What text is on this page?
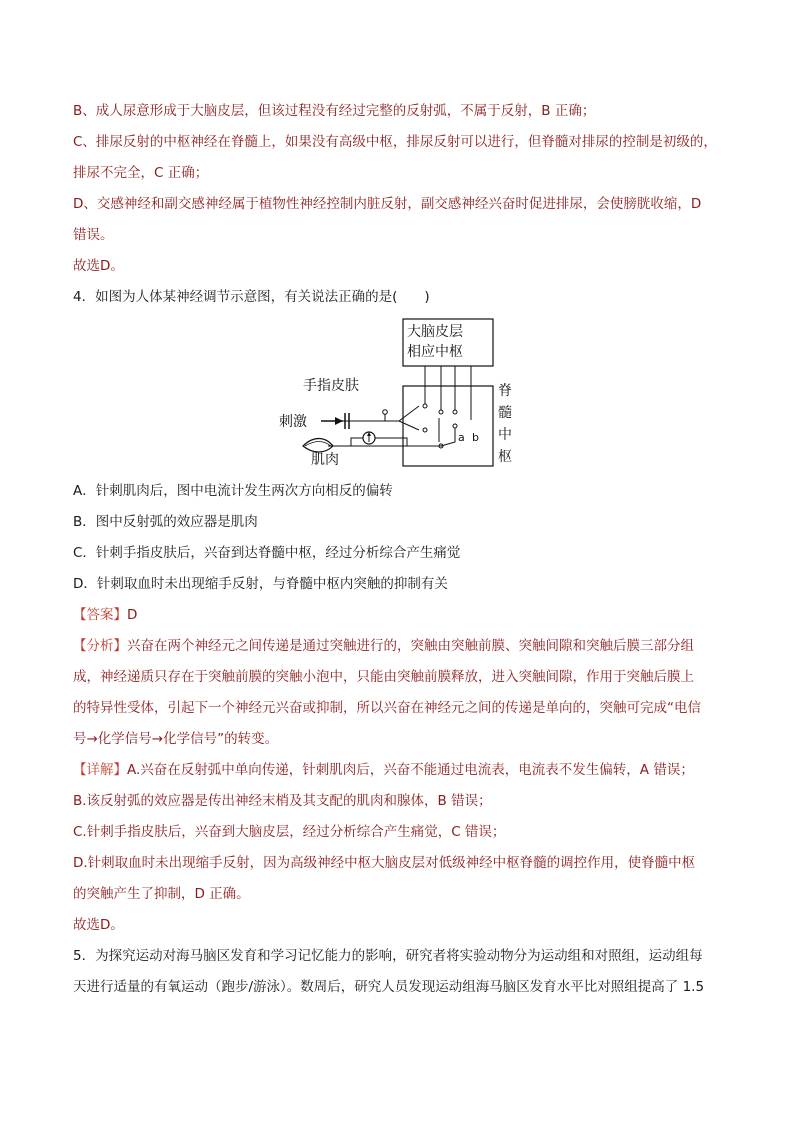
B、成人尿意形成于大脑皮层，但该过程没有经过完整的反射弧，不属于反射，B 正确；

C、排尿反射的中枢神经在脊髓上，如果没有高级中枢，排尿反射可以进行，但脊髓对排尿的控制是初级的，

排尿不完全，C 正确；

D、交感神经和副交感神经属于植物性神经控制内脏反射，副交感神经兴奋时促进排尿，会使膀胱收缩，D

错误。

故选D。

4．如图为人体某神经调节示意图，有关说法正确的是(　　)

大脑皮层
相应中枢
手指皮肤
刺激
肌肉
脊
髓
中
枢
a b

A．针刺肌肉后，图中电流计发生两次方向相反的偏转

B．图中反射弧的效应器是肌肉

C．针刺手指皮肤后，兴奋到达脊髓中枢，经过分析综合产生痛觉

D．针刺取血时未出现缩手反射，与脊髓中枢内突触的抑制有关

【答案】D

【分析】兴奋在两个神经元之间传递是通过突触进行的，突触由突触前膜、突触间隙和突触后膜三部分组

成，神经递质只存在于突触前膜的突触小泡中，只能由突触前膜释放，进入突触间隙，作用于突触后膜上

的特异性受体，引起下一个神经元兴奋或抑制，所以兴奋在神经元之间的传递是单向的，突触可完成“电信

号→化学信号→化学信号”的转变。

【详解】A.兴奋在反射弧中单向传递，针刺肌肉后，兴奋不能通过电流表，电流表不发生偏转，A 错误；

B.该反射弧的效应器是传出神经末梢及其支配的肌肉和腺体，B 错误；

C.针刺手指皮肤后，兴奋到大脑皮层，经过分析综合产生痛觉，C 错误；

D.针刺取血时未出现缩手反射，因为高级神经中枢大脑皮层对低级神经中枢脊髓的调控作用，使脊髓中枢

的突触产生了抑制，D 正确。

故选D。

5．为探究运动对海马脑区发育和学习记忆能力的影响，研究者将实验动物分为运动组和对照组，运动组每

天进行适量的有氧运动（跑步/游泳）。数周后，研究人员发现运动组海马脑区发育水平比对照组提高了 1.5
